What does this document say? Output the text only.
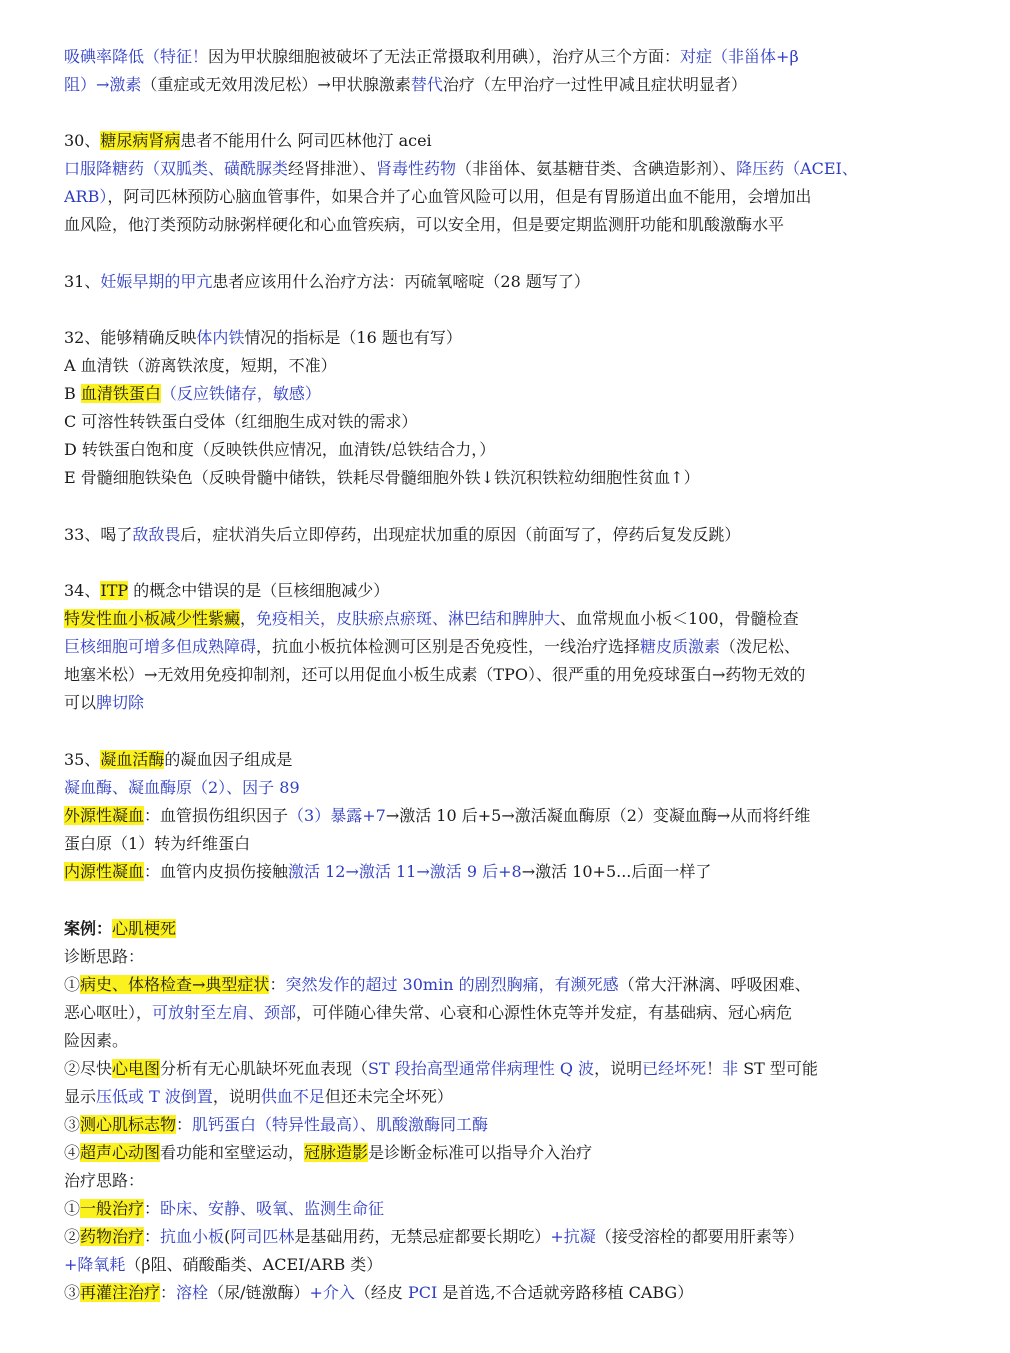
吸碘率降低（特征！因为甲状腺细胞被破坏了无法正常摄取利用碘），治疗从三个方面：对症（非甾体+β
阻）→激素（重症或无效用泼尼松）→甲状腺激素替代治疗（左甲治疗一过性甲减且症状明显者）
30、糖尿病肾病患者不能用什么 阿司匹林他汀 acei
口服降糖药（双胍类、磺酰脲类经肾排泄）、肾毒性药物（非甾体、氨基糖苷类、含碘造影剂）、降压药（ACEI、
ARB），阿司匹林预防心脑血管事件，如果合并了心血管风险可以用，但是有胃肠道出血不能用，会增加出
血风险，他汀类预防动脉粥样硬化和心血管疾病，可以安全用，但是要定期监测肝功能和肌酸激酶水平
31、妊娠早期的甲亢患者应该用什么治疗方法：丙硫氧嘧啶（28 题写了）
32、能够精确反映体内铁情况的指标是（16 题也有写）
A 血清铁（游离铁浓度，短期，不准）
B 血清铁蛋白（反应铁储存，敏感）
C 可溶性转铁蛋白受体（红细胞生成对铁的需求）
D 转铁蛋白饱和度（反映铁供应情况，血清铁/总铁结合力，）
E 骨髓细胞铁染色（反映骨髓中储铁，铁耗尽骨髓细胞外铁↓铁沉积铁粒幼细胞性贫血↑）
33、喝了敌敌畏后，症状消失后立即停药，出现症状加重的原因（前面写了，停药后复发反跳）
34、ITP 的概念中错误的是（巨核细胞减少）
特发性血小板减少性紫癜，免疫相关，皮肤瘀点瘀斑、淋巴结和脾肿大、血常规血小板＜100，骨髓检查
巨核细胞可增多但成熟障碍，抗血小板抗体检测可区别是否免疫性，一线治疗选择糖皮质激素（泼尼松、
地塞米松）→无效用免疫抑制剂，还可以用促血小板生成素（TPO）、很严重的用免疫球蛋白→药物无效的
可以脾切除
35、凝血活酶的凝血因子组成是
凝血酶、凝血酶原（2）、因子 89
外源性凝血：血管损伤组织因子（3）暴露+7→激活 10 后+5→激活凝血酶原（2）变凝血酶→从而将纤维
蛋白原（1）转为纤维蛋白
内源性凝血：血管内皮损伤接触激活 12→激活 11→激活 9 后+8→激活 10+5...后面一样了
案例：心肌梗死
诊断思路：
①病史、体格检查→典型症状：突然发作的超过 30min 的剧烈胸痛，有濒死感（常大汗淋漓、呼吸困难、
恶心呕吐），可放射至左肩、颈部，可伴随心律失常、心衰和心源性休克等并发症，有基础病、冠心病危
险因素。
②尽快心电图分析有无心肌缺坏死血表现（ST 段抬高型通常伴病理性 Q 波，说明已经坏死！非 ST 型可能
显示压低或 T 波倒置，说明供血不足但还未完全坏死）
③测心肌标志物：肌钙蛋白（特异性最高）、肌酸激酶同工酶
④超声心动图看功能和室壁运动，冠脉造影是诊断金标准可以指导介入治疗
治疗思路：
①一般治疗：卧床、安静、吸氧、监测生命征
②药物治疗：抗血小板(阿司匹林是基础用药，无禁忌症都要长期吃）+抗凝（接受溶栓的都要用肝素等）
+降氧耗（β阻、硝酸酯类、ACEI/ARB 类）
③再灌注治疗：溶栓（尿/链激酶）+介入（经皮 PCI 是首选,不合适就旁路移植 CABG）
